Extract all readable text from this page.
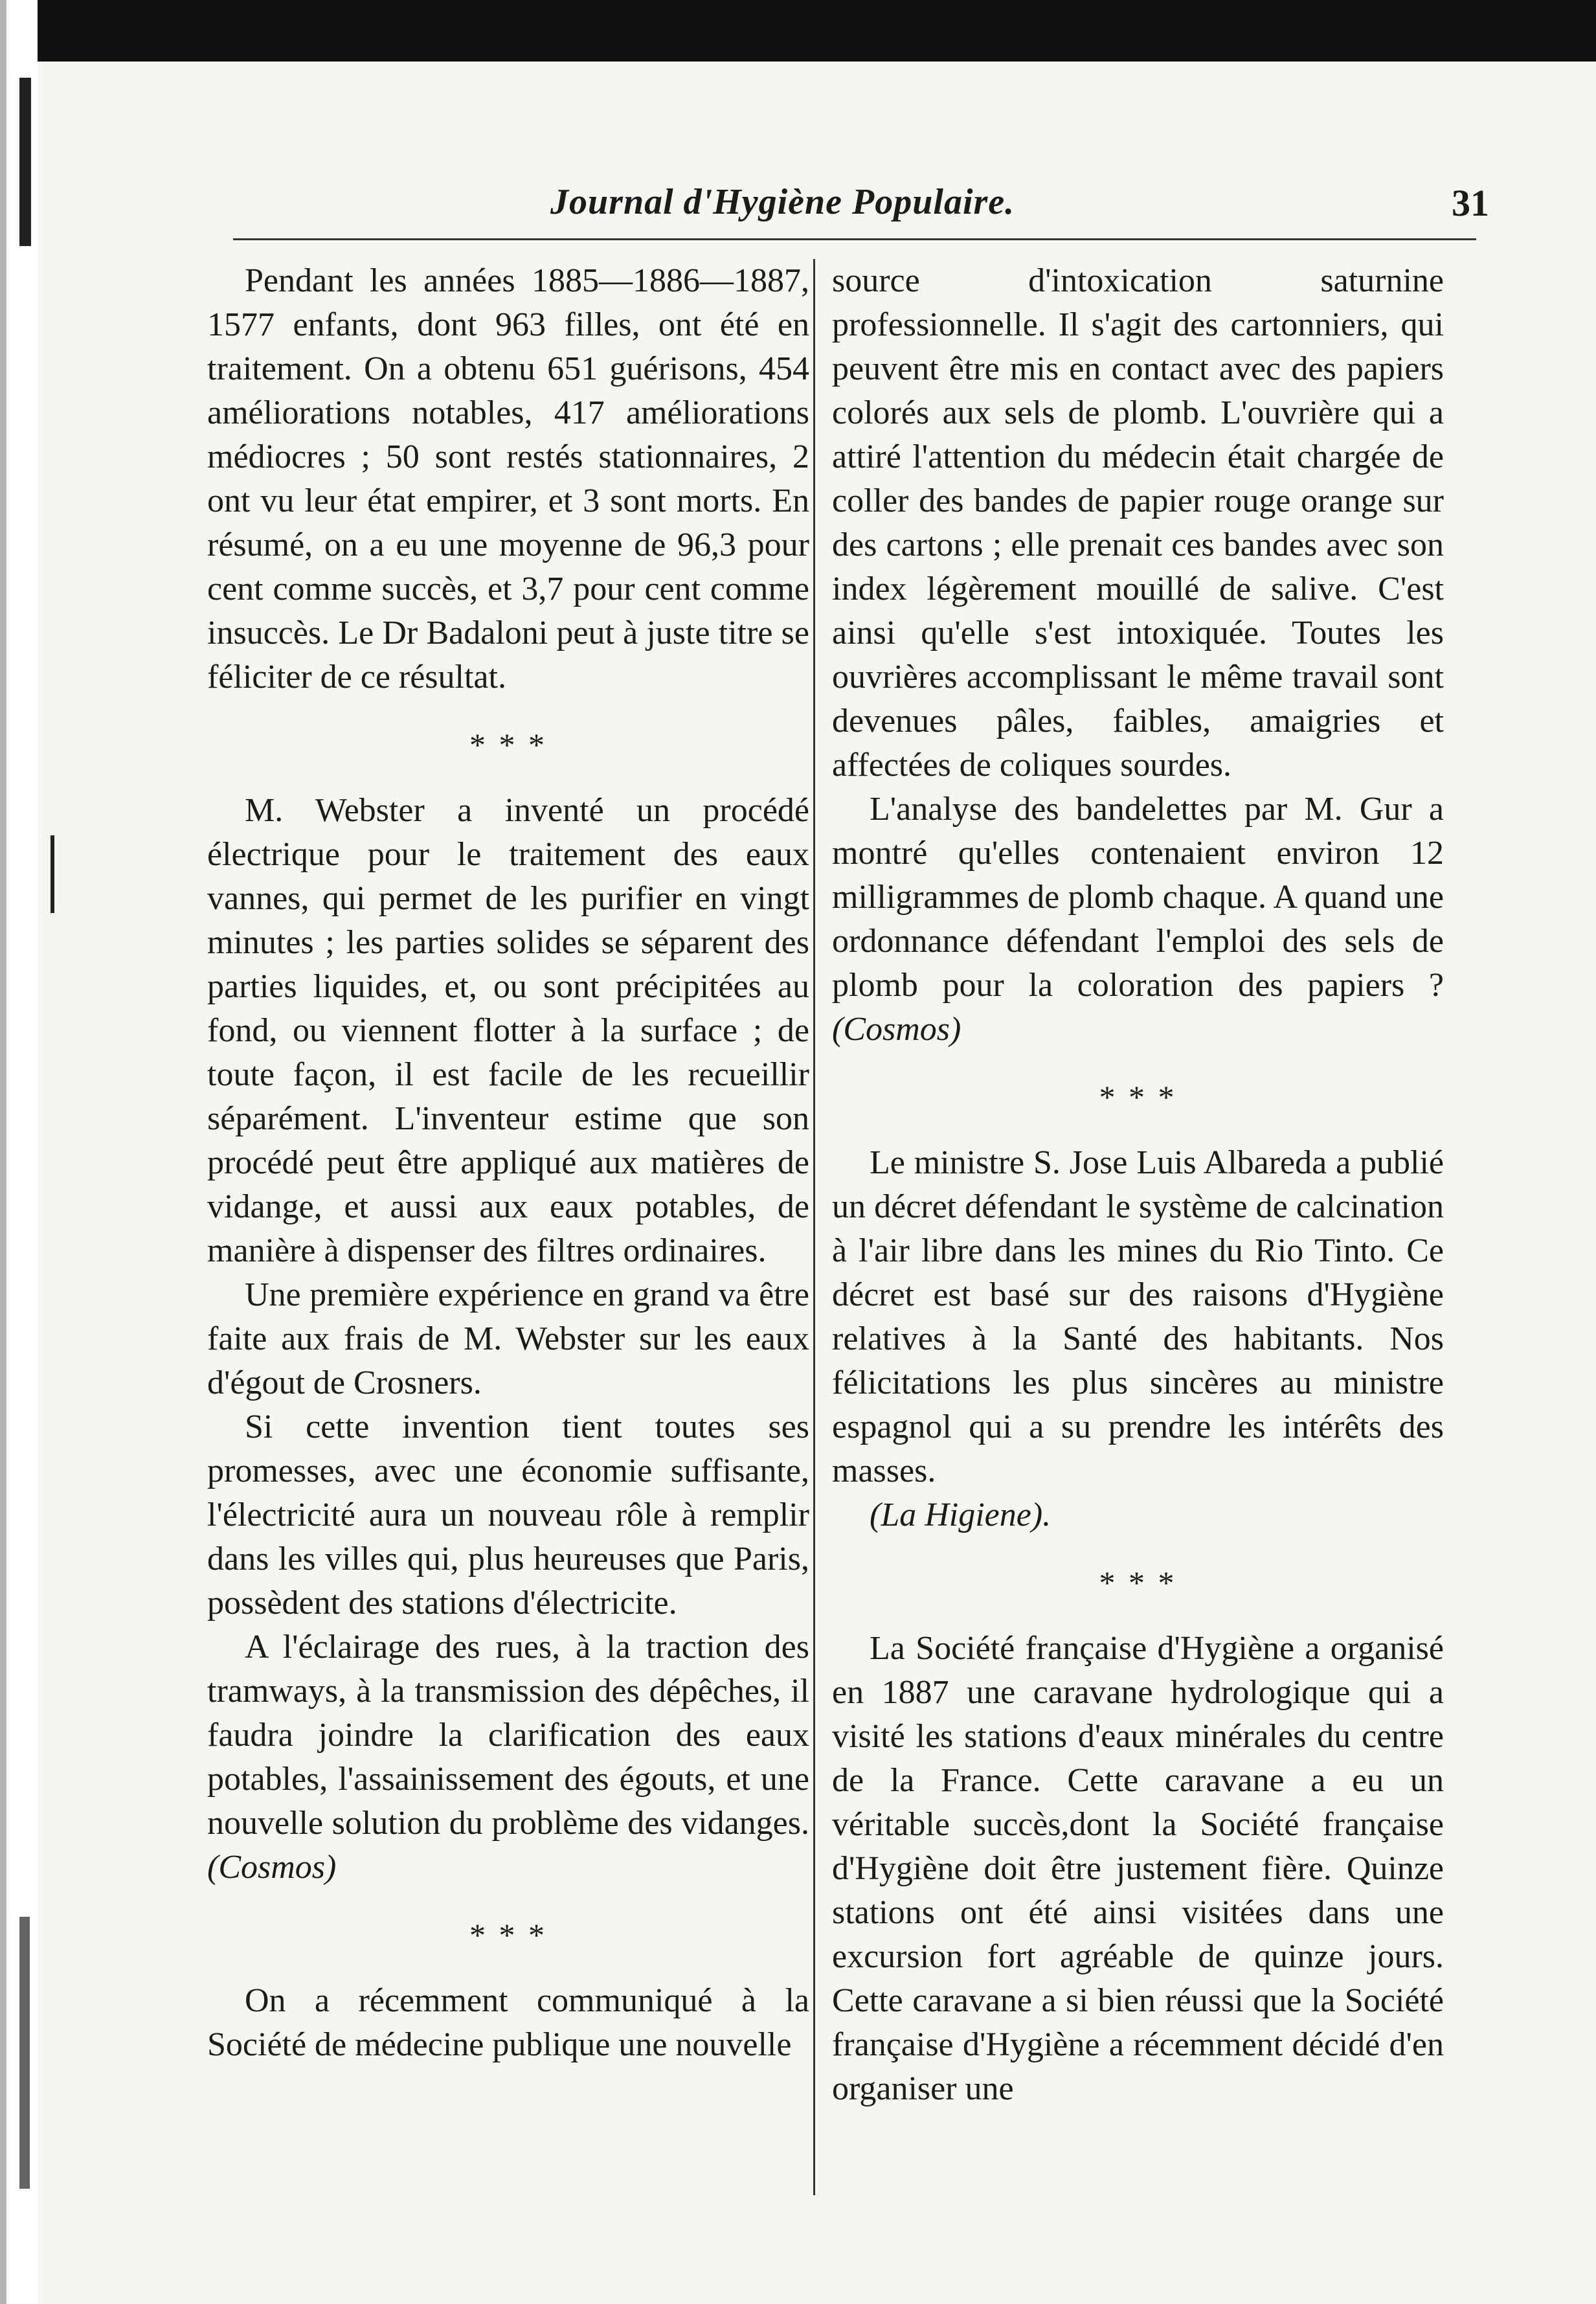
Journal d'Hygiène Populaire.	31

Pendant les années 1885—1886—1887, 1577 enfants, dont 963 filles, ont été en traitement. On a obtenu 651 guérisons, 454 améliorations notables, 417 améliorations médiocres ; 50 sont restés stationnaires, 2 ont vu leur état empirer, et 3 sont morts. En résumé, on a eu une moyenne de 96,3 pour cent comme succès, et 3,7 pour cent comme insuccès. Le Dr Badaloni peut à juste titre se féliciter de ce résultat.

* * *

M. Webster a inventé un procédé électrique pour le traitement des eaux vannes, qui permet de les purifier en vingt minutes ; les parties solides se séparent des parties liquides, et, ou sont précipitées au fond, ou viennent flotter à la surface ; de toute façon, il est facile de les recueillir séparément. L'inventeur estime que son procédé peut être appliqué aux matières de vidange, et aussi aux eaux potables, de manière à dispenser des filtres ordinaires.

Une première expérience en grand va être faite aux frais de M. Webster sur les eaux d'égout de Crosners.

Si cette invention tient toutes ses promesses, avec une économie suffisante, l'électricité aura un nouveau rôle à remplir dans les villes qui, plus heureuses que Paris, possèdent des stations d'électricite.

A l'éclairage des rues, à la traction des tramways, à la transmission des dépêches, il faudra joindre la clarification des eaux potables, l'assainissement des égouts, et une nouvelle solution du problème des vidanges. (Cosmos)

* * *

On a récemment communiqué à la Société de médecine publique une nouvelle

source d'intoxication saturnine professionnelle. Il s'agit des cartonniers, qui peuvent être mis en contact avec des papiers colorés aux sels de plomb. L'ouvrière qui a attiré l'attention du médecin était chargée de coller des bandes de papier rouge orange sur des cartons ; elle prenait ces bandes avec son index légèrement mouillé de salive. C'est ainsi qu'elle s'est intoxiquée. Toutes les ouvrières accomplissant le même travail sont devenues pâles, faibles, amaigries et affectées de coliques sourdes.

L'analyse des bandelettes par M. Gur a montré qu'elles contenaient environ 12 milligrammes de plomb chaque. A quand une ordonnance défendant l'emploi des sels de plomb pour la coloration des papiers ? (Cosmos)

* * *

Le ministre S. Jose Luis Albareda a publié un décret défendant le système de calcination à l'air libre dans les mines du Rio Tinto. Ce décret est basé sur des raisons d'Hygiène relatives à la Santé des habitants. Nos félicitations les plus sincères au ministre espagnol qui a su prendre les intérêts des masses.

(La Higiene).

* * *

La Société française d'Hygiène a organisé en 1887 une caravane hydrologique qui a visité les stations d'eaux minérales du centre de la France. Cette caravane a eu un véritable succès,dont la Société française d'Hygiène doit être justement fière. Quinze stations ont été ainsi visitées dans une excursion fort agréable de quinze jours. Cette caravane a si bien réussi que la Société française d'Hygiène a récemment décidé d'en organiser une
